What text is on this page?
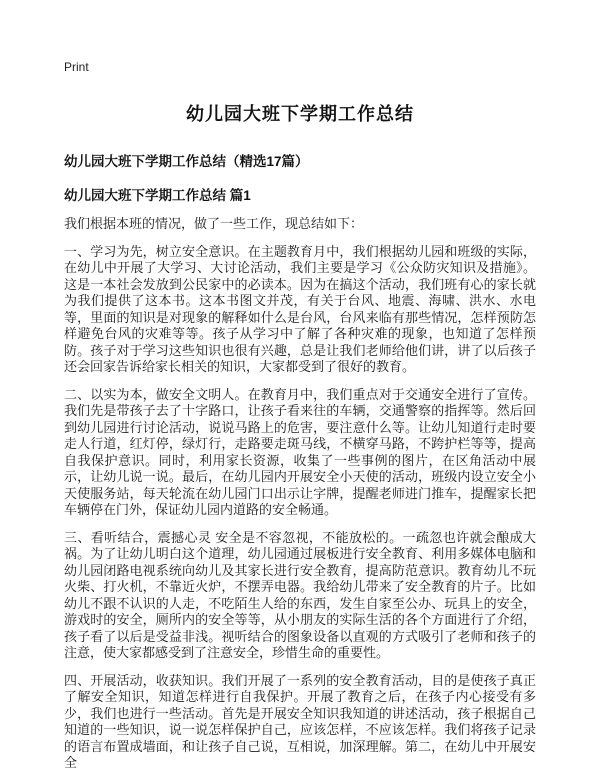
Print
幼儿园大班下学期工作总结
幼儿园大班下学期工作总结（精选17篇）
幼儿园大班下学期工作总结 篇1

我们根据本班的情况，做了一些工作，现总结如下：

一、学习为先，树立安全意识。在主题教育月中，我们根据幼儿园和班级的实际，在幼儿中开展了大学习、大讨论活动，我们主要是学习《公众防灾知识及措施》。这是一本社会发放到公民家中的必读本。因为在搞这个活动，我们班有心的家长就为我们提供了这本书。这本书图文并茂，有关于台风、地震、海啸、洪水、水电等，里面的知识是对现象的解释如什么是台风，台风来临有那些情况，怎样预防怎样避免台风的灾难等等。孩子从学习中了解了各种灾难的现象，也知道了怎样预防。孩子对于学习这些知识也很有兴趣，总是让我们老师给他们讲，讲了以后孩子还会回家告诉给家长相关的知识，大家都受到了很好的教育。

二、以实为本，做安全文明人。在教育月中，我们重点对于交通安全进行了宣传。我们先是带孩子去了十字路口，让孩子看来往的车辆，交通警察的指挥等。然后回到幼儿园进行讨论活动，说说马路上的危害，要注意什么等。让幼儿知道行走时要走人行道，红灯停，绿灯行，走路要走斑马线，不横穿马路，不跨护栏等等，提高自我保护意识。同时，利用家长资源，收集了一些事例的图片，在区角活动中展示，让幼儿说一说。最后，在幼儿园内开展安全小天使的活动，班级内设立安全小天使服务站，每天轮流在幼儿园门口出示让字牌，提醒老师进门推车，提醒家长把车辆停在门外，保证幼儿园内道路的安全畅通。

三、看听结合，震撼心灵 安全是不容忽视，不能放松的。一疏忽也许就会酿成大祸。为了让幼儿明白这个道理，幼儿园通过展板进行安全教育、利用多媒体电脑和幼儿园闭路电视系统向幼儿及其家长进行安全教育，提高防范意识。教育幼儿不玩火柴、打火机，不靠近火炉，不摆弄电器。我给幼儿带来了安全教育的片子。比如幼儿不跟不认识的人走，不吃陌生人给的东西，发生自家至公办、玩具上的安全，游戏时的安全，厕所内的安全等等，从小朋友的实际生活的各个方面进行了介绍，孩子看了以后是受益非浅。视听结合的图象设备以直观的方式吸引了老师和孩子的注意，使大家都感受到了注意安全，珍惜生命的重要性。

四、开展活动，收获知识。我们开展了一系列的安全教育活动，目的是使孩子真正了解安全知识，知道怎样进行自我保护。开展了教育之后，在孩子内心接受有多少，我们也进行一些活动。首先是开展安全知识我知道的讲述活动，孩子根据自己知道的一些知识，说一说怎样保护自己，应该怎样，不应该怎样。我们将孩子记录的语言布置成墙面，和让孩子自己说，互相说，加深理解。第二，在幼儿中开展安全
